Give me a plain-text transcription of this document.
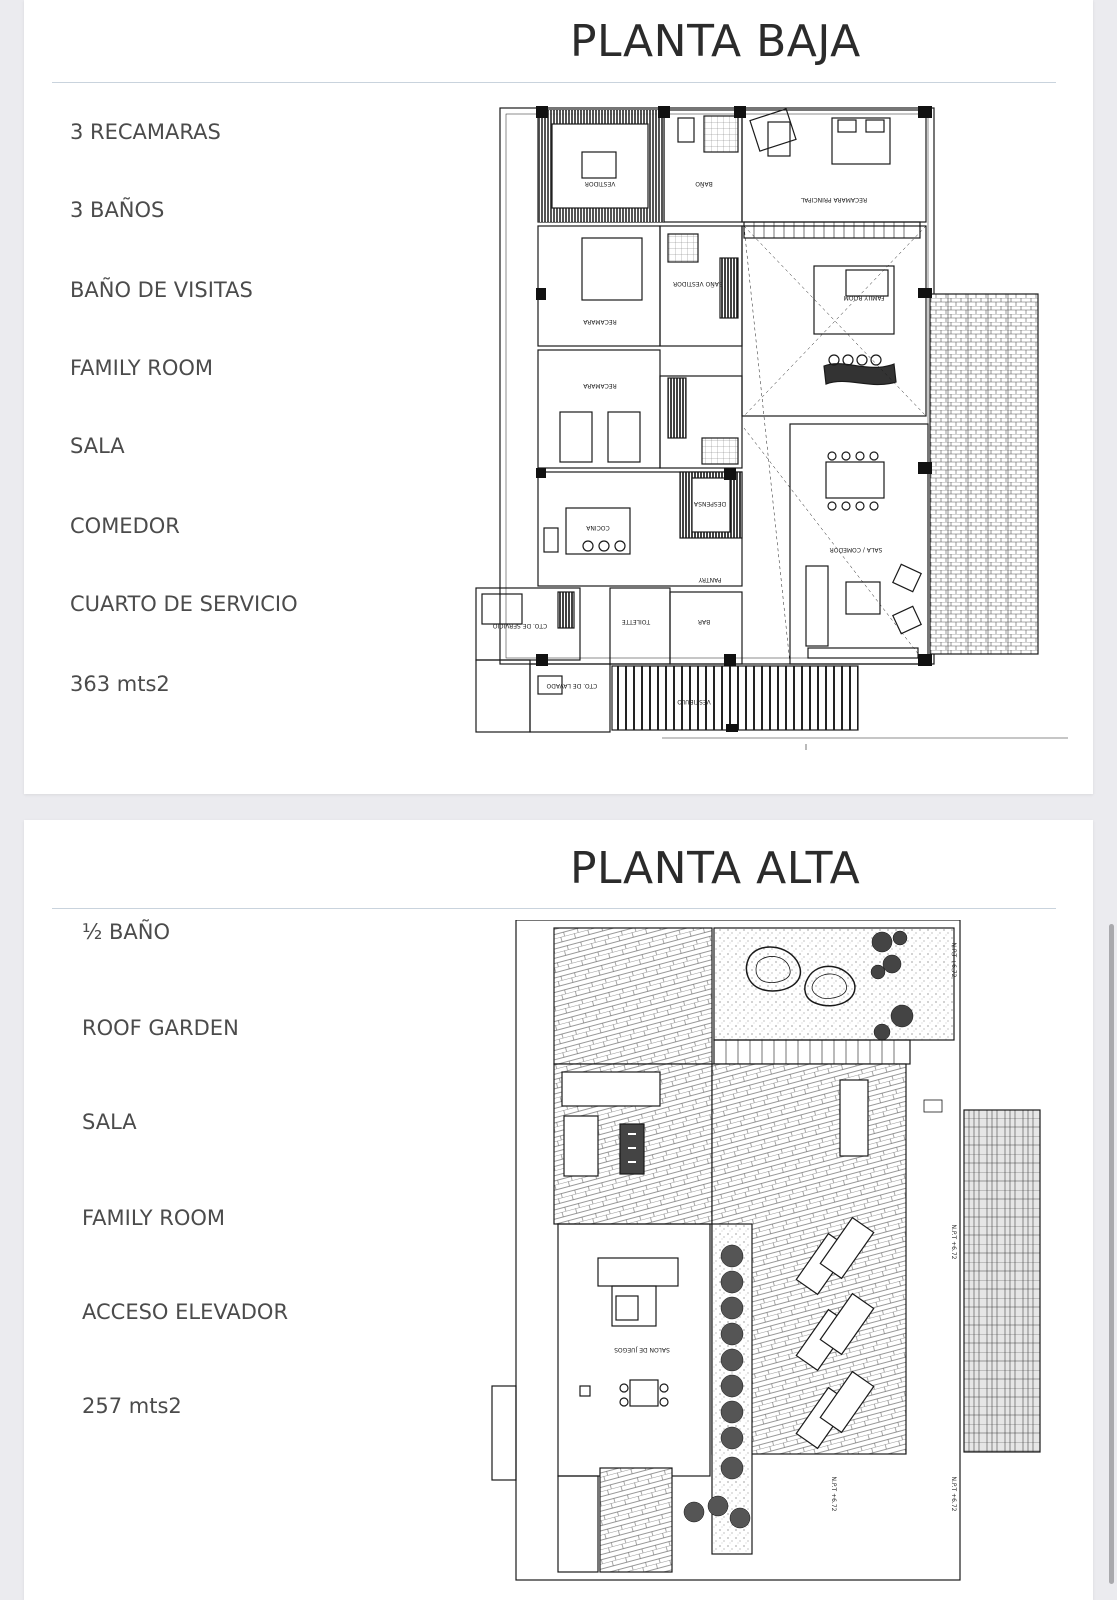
PLANTA BAJA
3 RECAMARAS
3 BAÑOS
BAÑO DE VISITAS
FAMILY ROOM
SALA
COMEDOR
CUARTO DE SERVICIO
363 mts2
VESTIDOR	BAÑO
RECAMARA PRINCIPAL
RECAMARA
BAÑO VESTIDOR
FAMILY ROOM
RECAMARA
COCINA
DESPENSA
PANTRY
SALA / COMEDOR
CTO. DE SERVICIO
TOILETTE	BAR
CTO. DE LAVADO
VESTIBULO
PLANTA ALTA
½ BAÑO
ROOF GARDEN
SALA
FAMILY ROOM
ACCESO ELEVADOR
257 mts2
SALON DE JUEGOS
N.P.T +6.72
N.P.T +6.72
N.P.T +6.72
N.P.T +6.72
